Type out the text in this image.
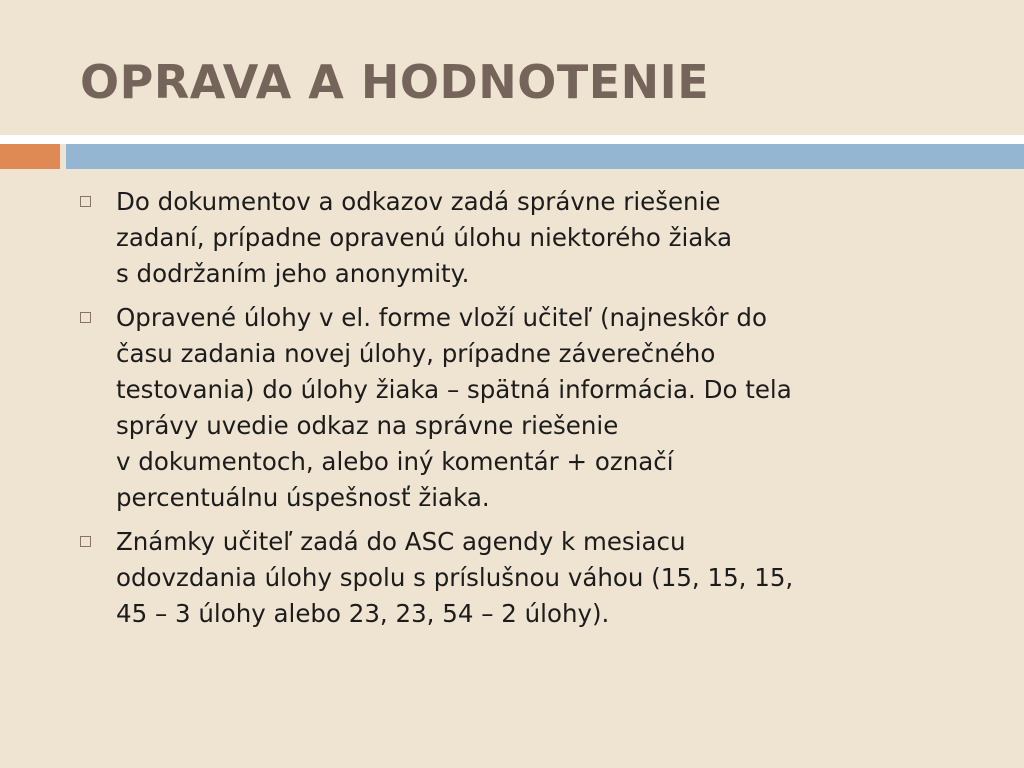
OPRAVA A HODNOTENIE
Do dokumentov a odkazov zadá správne riešenie
zadaní, prípadne opravenú úlohu niektorého žiaka
s dodržaním jeho anonymity.
Opravené úlohy v el. forme vloží učiteľ (najneskôr do
času zadania novej úlohy, prípadne záverečného
testovania) do úlohy žiaka – spätná informácia. Do tela
správy uvedie odkaz na správne riešenie
v dokumentoch, alebo iný komentár + označí
percentuálnu úspešnosť žiaka.
Známky učiteľ zadá do ASC agendy k mesiacu
odovzdania úlohy spolu s príslušnou váhou (15, 15, 15,
45 – 3 úlohy alebo 23, 23, 54 – 2 úlohy).
